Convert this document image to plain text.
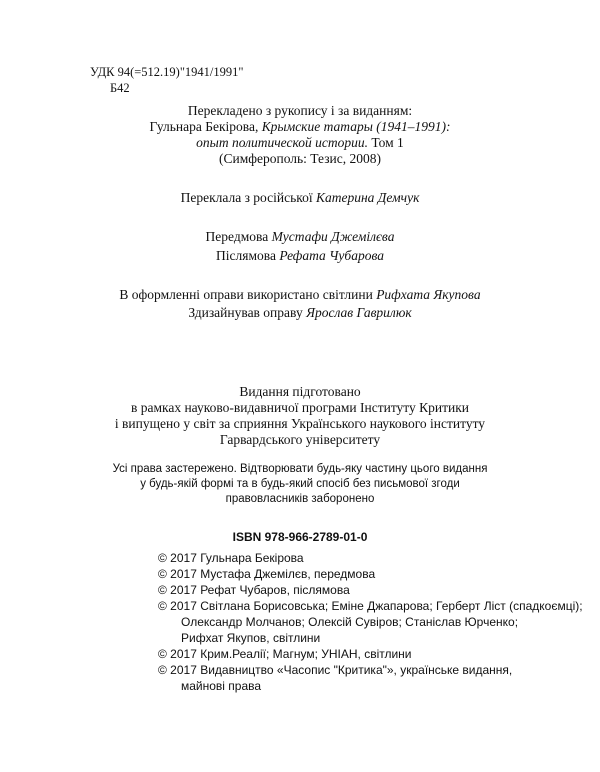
УДК 94(=512.19)"1941/1991"
Б42
Перекладено з рукопису і за виданням:
Гульнара Бекірова, Крымские татары (1941–1991):
опыт политической истории. Том 1
(Симферополь: Тезис, 2008)
Переклала з російської Катерина Демчук
Передмова Мустафи Джемілєва
Післямова Рефата Чубарова
В оформленні оправи використано світлини Рифхата Якупова
Здизайнував оправу Ярослав Гаврилюк
Видання підготовано
в рамках науково-видавничої програми Інституту Критики
і випущено у світ за сприяння Українського наукового інституту
Гарвардського університету
Усі права застережено. Відтворювати будь-яку частину цього видання
у будь-якій формі та в будь-який спосіб без письмової згоди
правовласників заборонено
ISBN 978-966-2789-01-0
© 2017 Гульнара Бекірова
© 2017 Мустафа Джемілєв, передмова
© 2017 Рефат Чубаров, післямова
© 2017 Світлана Борисовська; Еміне Джапарова; Герберт Ліст (спадкоємці);
Олександр Молчанов; Олексій Сувіров; Станіслав Юрченко;
Рифхат Якупов, світлини
© 2017 Крим.Реалії; Магнум; УНІАН, світлини
© 2017 Видавництво «Часопис "Критика"», українське видання,
майнові права
